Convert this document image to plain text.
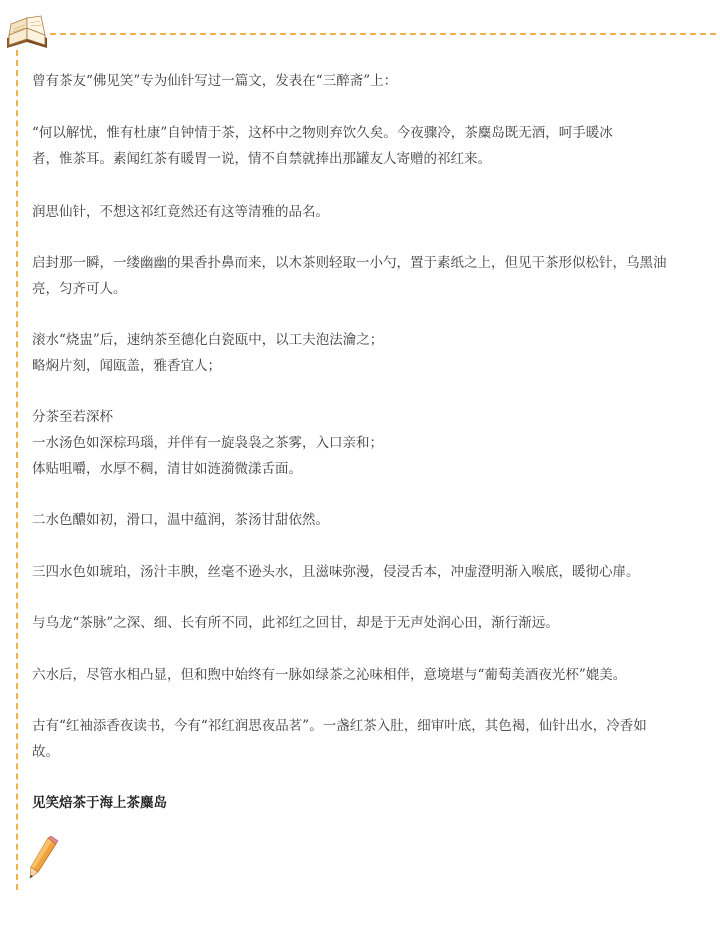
曾有茶友“佛见笑”专为仙针写过一篇文，发表在“三醉斋”上：
“何以解忧，惟有杜康”自钟情于茶，这杯中之物则弃饮久矣。今夜骤冷，茶麋岛既无酒，呵手暖冰
者，惟茶耳。素闻红茶有暖胃一说，情不自禁就捧出那罐友人寄赠的祁红来。
润思仙针，不想这祁红竟然还有这等清雅的品名。
启封那一瞬，一缕幽幽的果香扑鼻而来，以木茶则轻取一小勺，置于素纸之上，但见干茶形似松针，乌黑油
亮，匀齐可人。
滚水“烧盅”后，速纳茶至德化白瓷瓯中，以工夫泡法瀹之；
略焖片刻，闻瓯盖，雅香宜人；
分茶至若深杯
一水汤色如深棕玛瑙，并伴有一旋袅袅之茶雾，入口亲和；
体贴咀嚼，水厚不稠，清甘如涟漪微漾舌面。
二水色醲如初，滑口，温中蕴润，茶汤甘甜依然。
三四水色如琥珀，汤汁丰腴，丝毫不逊头水，且滋味弥漫，侵浸舌本，冲虚澄明渐入喉底，暖彻心扉。
与乌龙“茶脉”之深、细、长有所不同，此祁红之回甘，却是于无声处润心田，渐行渐远。
六水后，尽管水相凸显，但和煦中始终有一脉如绿茶之沁味相伴，意境堪与“葡萄美酒夜光杯”媲美。
古有“红袖添香夜读书，今有“祁红润思夜品茗”。一盏红茶入肚，细审叶底，其色褐，仙针出水，冷香如
故。
见笑焙茶于海上茶麋岛
